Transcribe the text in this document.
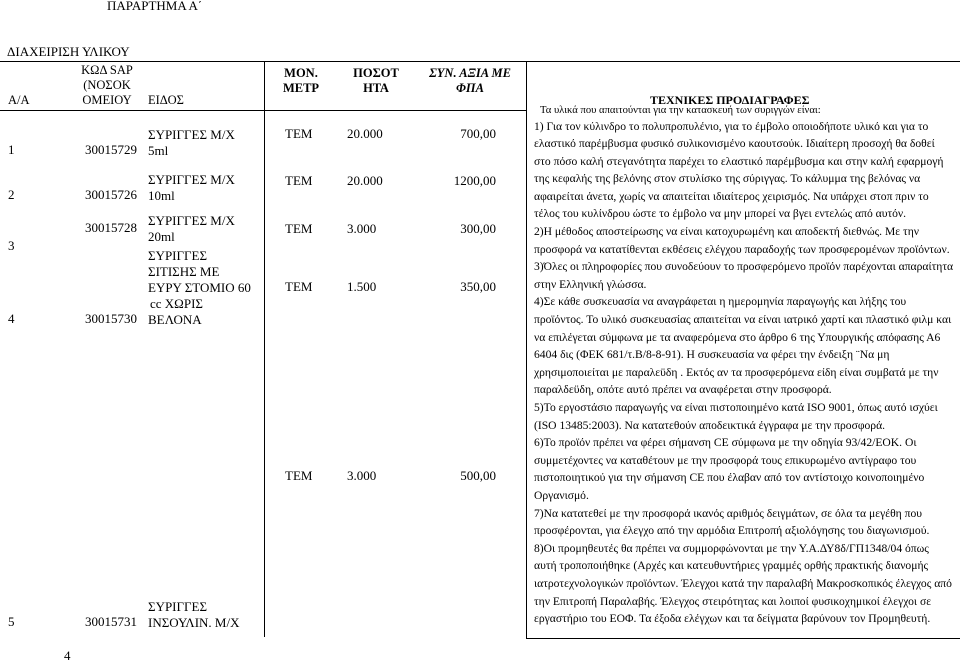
ΠΑΡΑΡΤΗΜΑ Α΄
ΔΙΑΧΕΙΡΙΣΗ ΥΛΙΚΟΥ
Α/Α
ΚΩΔ SAP
(ΝΟΣΟΚ
ΟΜΕΙΟΥ	ΕΙΔΟΣ
ΜΟΝ.
ΜΕΤΡ
ΠΟΣΟΤ
ΗΤΑ
ΣΥΝ. ΑΞΙΑ ΜΕ
ΦΠΑ
ΤΕΧΝΙΚΕΣ ΠΡΟΔΙΑΓΡΑΦΕΣ
1	30015729
ΣΥΡΙΓΓΕΣ Μ/Χ
5ml
ΤΕΜ	20.000	700,00
2	30015726
ΣΥΡΙΓΓΕΣ Μ/Χ
10ml
ΤΕΜ	20.000	1200,00
3
30015728 ΣΥΡΙΓΓΕΣ Μ/Χ
20ml
ΤΕΜ	3.000	300,00
4	30015730
ΣΥΡΙΓΓΕΣ
ΣΙΤΙΣΗΣ ΜΕ
ΕΥΡΥ ΣΤΟΜΙΟ 60
cc ΧΩΡΙΣ
ΒΕΛΟΝΑ
ΤΕΜ	1.500	350,00
5	30015731
ΣΥΡΙΓΓΕΣ
ΙΝΣΟΥΛΙΝ. Μ/Χ
ΤΕΜ	3.000	500,00

Τα υλικά που απαιτούνται για την κατασκευή των συριγγών είναι:

1) Για τον κύλινδρο το πολυπροπυλένιο, για το έμβολο οποιοδήποτε υλικό και για το ελαστικό παρέμβυσμα φυσικό συλικονισμένο καουτσούκ. Ιδιαίτερη προσοχή θα δοθεί στο πόσο καλή στεγανότητα παρέχει το ελαστικό παρέμβυσμα και στην καλή εφαρμογή της κεφαλής της βελόνης στον στυλίσκο της σύριγγας. Το κάλυμμα της βελόνας να αφαιρείται άνετα, χωρίς να απαιτείται ιδιαίτερος χειρισμός. Να υπάρχει στοπ πριν το τέλος του κυλίνδρου ώστε το έμβολο να μην μπορεί να βγει εντελώς από αυτόν.

2)Η μέθοδος αποστείρωσης να είναι κατοχυρωμένη και αποδεκτή διεθνώς. Με την προσφορά να κατατίθενται εκθέσεις ελέγχου παραδοχής των προσφερομένων προϊόντων.

3)Όλες οι πληροφορίες που συνοδεύουν το προσφερόμενο προϊόν παρέχονται απαραίτητα στην Ελληνική γλώσσα.

4)Σε κάθε συσκευασία να αναγράφεται η ημερομηνία παραγωγής και λήξης του προϊόντος. Το υλικό συσκευασίας απαιτείται να είναι ιατρικό χαρτί και πλαστικό φιλμ και να επιλέγεται σύμφωνα με τα αναφερόμενα στο άρθρο 6 της Υπουργικής απόφασης Α6 6404 δις (ΦΕΚ 681/τ.Β/8-8-91). Η συσκευασία να φέρει την ένδειξη ¨Να μη χρησιμοποιείται με παραλεϋδη . Εκτός αν τα προσφερόμενα είδη είναι συμβατά με την παραλδεϋδη, οπότε αυτό πρέπει να αναφέρεται στην προσφορά.

5)Το εργοστάσιο παραγωγής να είναι πιστοποιημένο κατά ISO 9001, όπως αυτό ισχύει (ISO 13485:2003). Να κατατεθούν αποδεικτικά έγγραφα με την προσφορά.

6)Το προϊόν πρέπει να φέρει σήμανση CE σύμφωνα με την οδηγία 93/42/ΕΟΚ. Οι συμμετέχοντες να καταθέτουν με την προσφορά τους επικυρωμένο αντίγραφο του πιστοποιητικού για την σήμανση CE που έλαβαν από τον αντίστοιχο κοινοποιημένο Οργανισμό.

7)Να κατατεθεί με την προσφορά ικανός αριθμός δειγμάτων, σε όλα τα μεγέθη που προσφέρονται, για έλεγχο από την αρμόδια Επιτροπή αξιολόγησης του διαγωνισμού.

8)Οι προμηθευτές θα πρέπει να συμμορφώνονται με την Υ.Α.ΔΥ8δ/ΓΠ1348/04 όπως αυτή τροποποιήθηκε (Αρχές και κατευθυντήριες γραμμές ορθής πρακτικής διανομής ιατροτεχνολογικών προϊόντων. Έλεγχοι κατά την παραλαβή Μακροσκοπικός έλεγχος από την Επιτροπή Παραλαβής. Έλεγχος στειρότητας και λοιποί φυσικοχημικοί έλεγχοι σε εργαστήριο του ΕΟΦ. Τα έξοδα ελέγχων και τα δείγματα βαρύνουν τον Προμηθευτή.

4
